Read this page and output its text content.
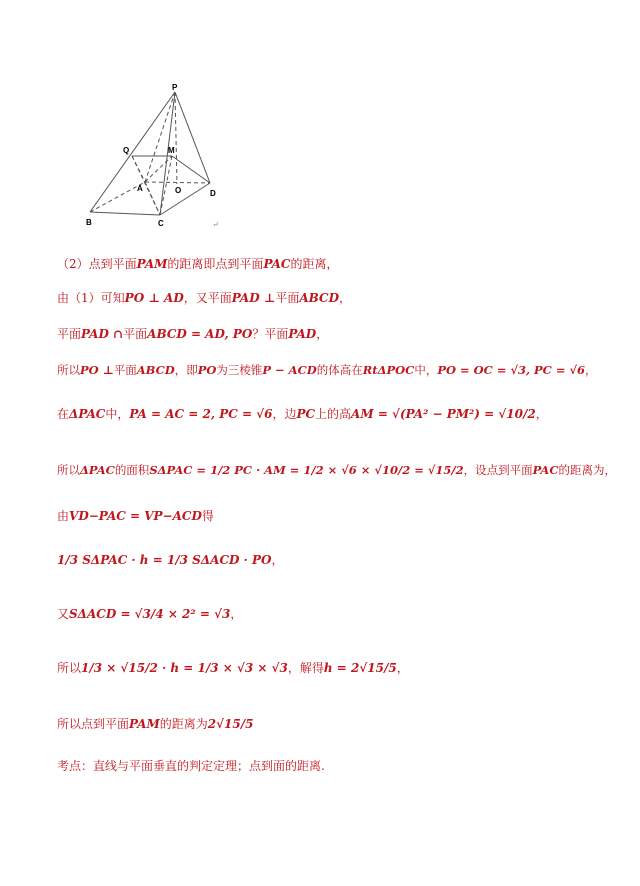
P
Q	M
A	O	D
B	C	↵
（2）点到平面PAM的距离即点到平面PAC的距离，
由（1）可知PO ⊥ AD，又平面PAD ⊥平面ABCD，
平面PAD ∩平面ABCD = AD, PO？平面PAD，
所以PO ⊥平面ABCD，即PO为三棱锥P − ACD的体高在RtΔPOC中，PO = OC = √3, PC = √6，
在ΔPAC中，PA = AC = 2, PC = √6，边PC上的高AM = √(PA² − PM²) = √10/2，
所以ΔPAC的面积SΔPAC = 1/2 PC · AM = 1/2 × √6 × √10/2 = √15/2，设点到平面PAC的距离为，
由VD−PAC = VP−ACD得
1/3 SΔPAC · h = 1/3 SΔACD · PO，
又SΔACD = √3/4 × 2² = √3，
所以1/3 × √15/2 · h = 1/3 × √3 × √3，解得h = 2√15/5，
所以点到平面PAM的距离为2√15/5
考点：直线与平面垂直的判定定理；点到面的距离.
